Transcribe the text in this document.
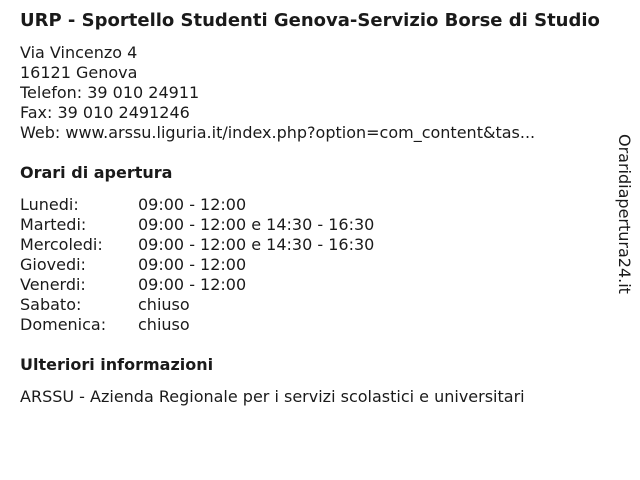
URP - Sportello Studenti Genova-Servizio Borse di Studio
Via Vincenzo 4
16121 Genova
Telefon: 39 010 24911
Fax: 39 010 2491246
Web: www.arssu.liguria.it/index.php?option=com_content&tas...
Orari di apertura
Lunedi:	09:00 - 12:00
Martedi:	09:00 - 12:00 e 14:30 - 16:30
Mercoledi:	09:00 - 12:00 e 14:30 - 16:30
Giovedi:	09:00 - 12:00
Venerdi:	09:00 - 12:00
Sabato:	chiuso
Domenica:	chiuso
Ulteriori informazioni
ARSSU - Azienda Regionale per i servizi scolastici e universitari
Oraridiapertura24.it
